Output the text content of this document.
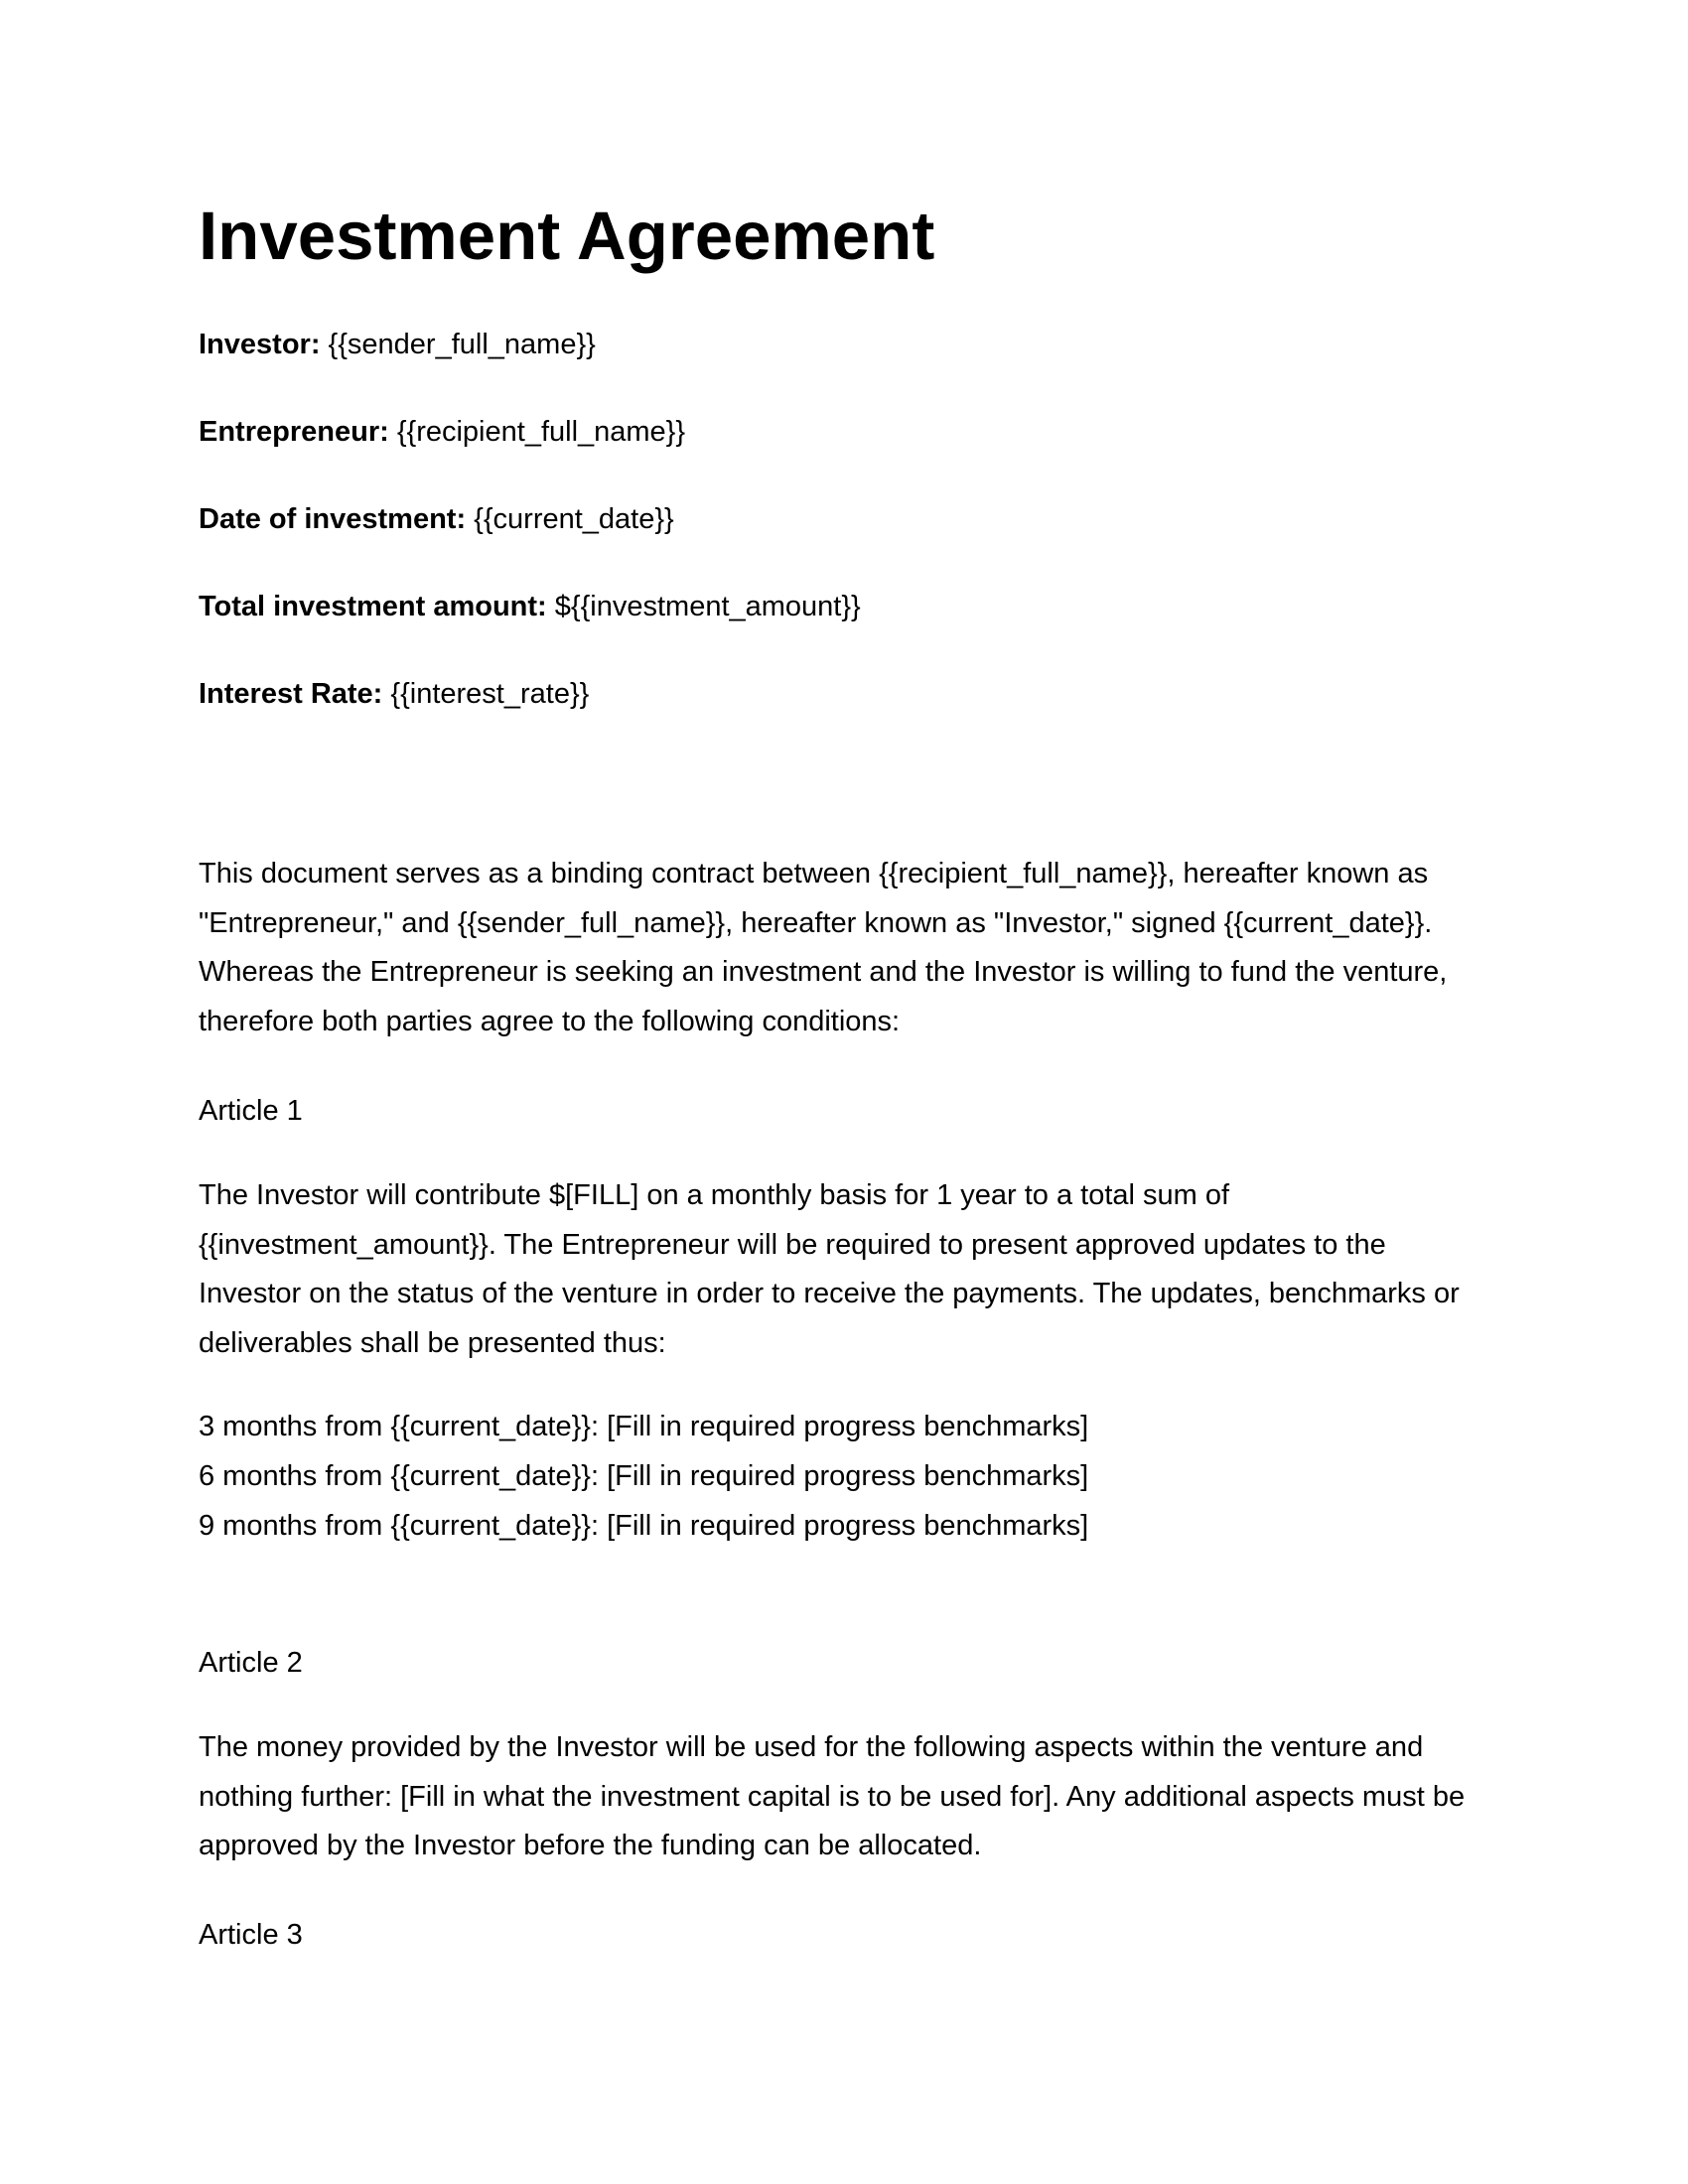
Investment Agreement
Investor: {{sender_full_name}}
Entrepreneur: {{recipient_full_name}}
Date of investment: {{current_date}}
Total investment amount: ${{investment_amount}}
Interest Rate: {{interest_rate}}

This document serves as a binding contract between {{recipient_full_name}}, hereafter known as "Entrepreneur," and {{sender_full_name}}, hereafter known as "Investor," signed {{current_date}}. Whereas the Entrepreneur is seeking an investment and the Investor is willing to fund the venture, therefore both parties agree to the following conditions:

Article 1

The Investor will contribute $[FILL] on a monthly basis for 1 year to a total sum of {{investment_amount}}. The Entrepreneur will be required to present approved updates to the Investor on the status of the venture in order to receive the payments. The updates, benchmarks or deliverables shall be presented thus:

3 months from {{current_date}}: [Fill in required progress benchmarks]
6 months from {{current_date}}: [Fill in required progress benchmarks]
9 months from {{current_date}}: [Fill in required progress benchmarks]
Article 2

The money provided by the Investor will be used for the following aspects within the venture and nothing further: [Fill in what the investment capital is to be used for]. Any additional aspects must be approved by the Investor before the funding can be allocated.

Article 3
